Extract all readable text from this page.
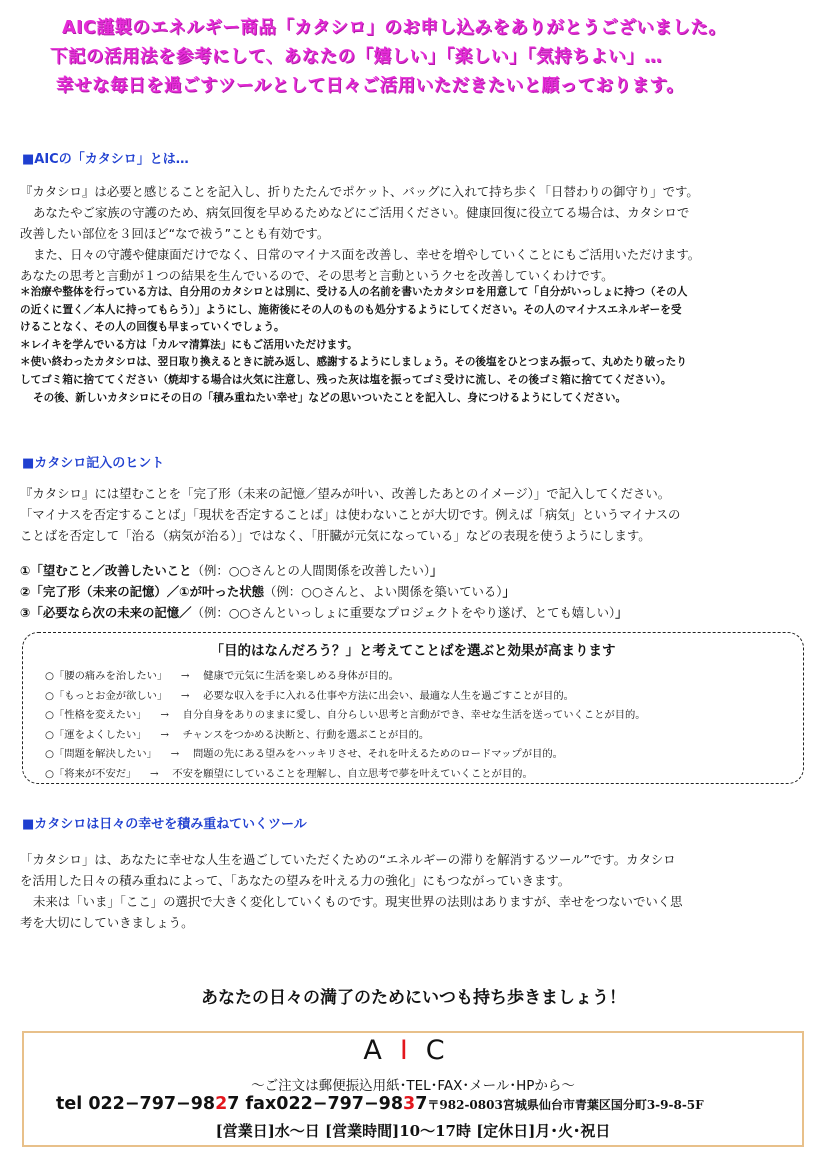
AIC謹製のエネルギー商品「カタシロ」のお申し込みをありがとうございました。
下記の活用法を参考にして、あなたの「嬉しい」「楽しい」「気持ちよい」…
幸せな毎日を過ごすツールとして日々ご活用いただきたいと願っております。
■AICの「カタシロ」とは…
『カタシロ』は必要と感じることを記入し、折りたたんでポケット、バッグに入れて持ち歩く「日替わりの御守り」です。
あなたやご家族の守護のため、病気回復を早めるためなどにご活用ください。健康回復に役立てる場合は、カタシロで
改善したい部位を３回ほど“なで祓う”ことも有効です。
また、日々の守護や健康面だけでなく、日常のマイナス面を改善し、幸せを増やしていくことにもご活用いただけます。
あなたの思考と言動が１つの結果を生んでいるので、その思考と言動というクセを改善していくわけです。
＊治療や整体を行っている方は、自分用のカタシロとは別に、受ける人の名前を書いたカタシロを用意して「自分がいっしょに持つ（その人
の近くに置く／本人に持ってもらう）」ようにし、施術後にその人のものも処分するようにしてください。その人のマイナスエネルギーを受
けることなく、その人の回復も早まっていくでしょう。
＊レイキを学んでいる方は「カルマ清算法」にもご活用いただけます。
＊使い終わったカタシロは、翌日取り換えるときに読み返し、感謝するようにしましょう。その後塩をひとつまみ振って、丸めたり破ったり
してゴミ箱に捨ててください（焼却する場合は火気に注意し、残った灰は塩を振ってゴミ受けに流し、その後ゴミ箱に捨ててください）。
その後、新しいカタシロにその日の「積み重ねたい幸せ」などの思いついたことを記入し、身につけるようにしてください。
■カタシロ記入のヒント
『カタシロ』には望むことを「完了形（未来の記憶／望みが叶い、改善したあとのイメージ）」で記入してください。
「マイナスを否定することば」「現状を否定することば」は使わないことが大切です。例えば「病気」というマイナスの
ことばを否定して「治る（病気が治る）」ではなく、「肝臓が元気になっている」などの表現を使うようにします。
①「望むこと／改善したいこと（例：○○さんとの人間関係を改善したい）」
②「完了形（未来の記憶）／①が叶った状態（例：○○さんと、よい関係を築いている）」
③「必要なら次の未来の記憶／（例：○○さんといっしょに重要なプロジェクトをやり遂げ、とても嬉しい）」
「目的はなんだろう？」と考えてことばを選ぶと効果が高まります
○「腰の痛みを治したい」 → 健康で元気に生活を楽しめる身体が目的。
○「もっとお金が欲しい」 → 必要な収入を手に入れる仕事や方法に出会い、最適な人生を過ごすことが目的。
○「性格を変えたい」 → 自分自身をありのままに愛し、自分らしい思考と言動ができ、幸せな生活を送っていくことが目的。
○「運をよくしたい」 → チャンスをつかめる決断と、行動を選ぶことが目的。
○「問題を解決したい」 → 問題の先にある望みをハッキリさせ、それを叶えるためのロードマップが目的。
○「将来が不安だ」 → 不安を願望にしていることを理解し、自立思考で夢を叶えていくことが目的。
■カタシロは日々の幸せを積み重ねていくツール
「カタシロ」は、あなたに幸せな人生を過ごしていただくための“エネルギーの滞りを解消するツール”です。カタシロ
を活用した日々の積み重ねによって、「あなたの望みを叶える力の強化」にもつながっていきます。
未来は「いま」「ここ」の選択で大きく変化していくものです。現実世界の法則はありますが、幸せをつないでいく思
考を大切にしていきましょう。
あなたの日々の満了のためにいつも持ち歩きましょう！
AIC
～ご注文は郵便振込用紙･TEL･FAX･メール･HPから～
tel 022−797−9827 fax022−797−9837〒982-0803宮城県仙台市青葉区国分町3-9-8-5F
[営業日]水〜日 [営業時間]10〜17時 [定休日]月･火･祝日
